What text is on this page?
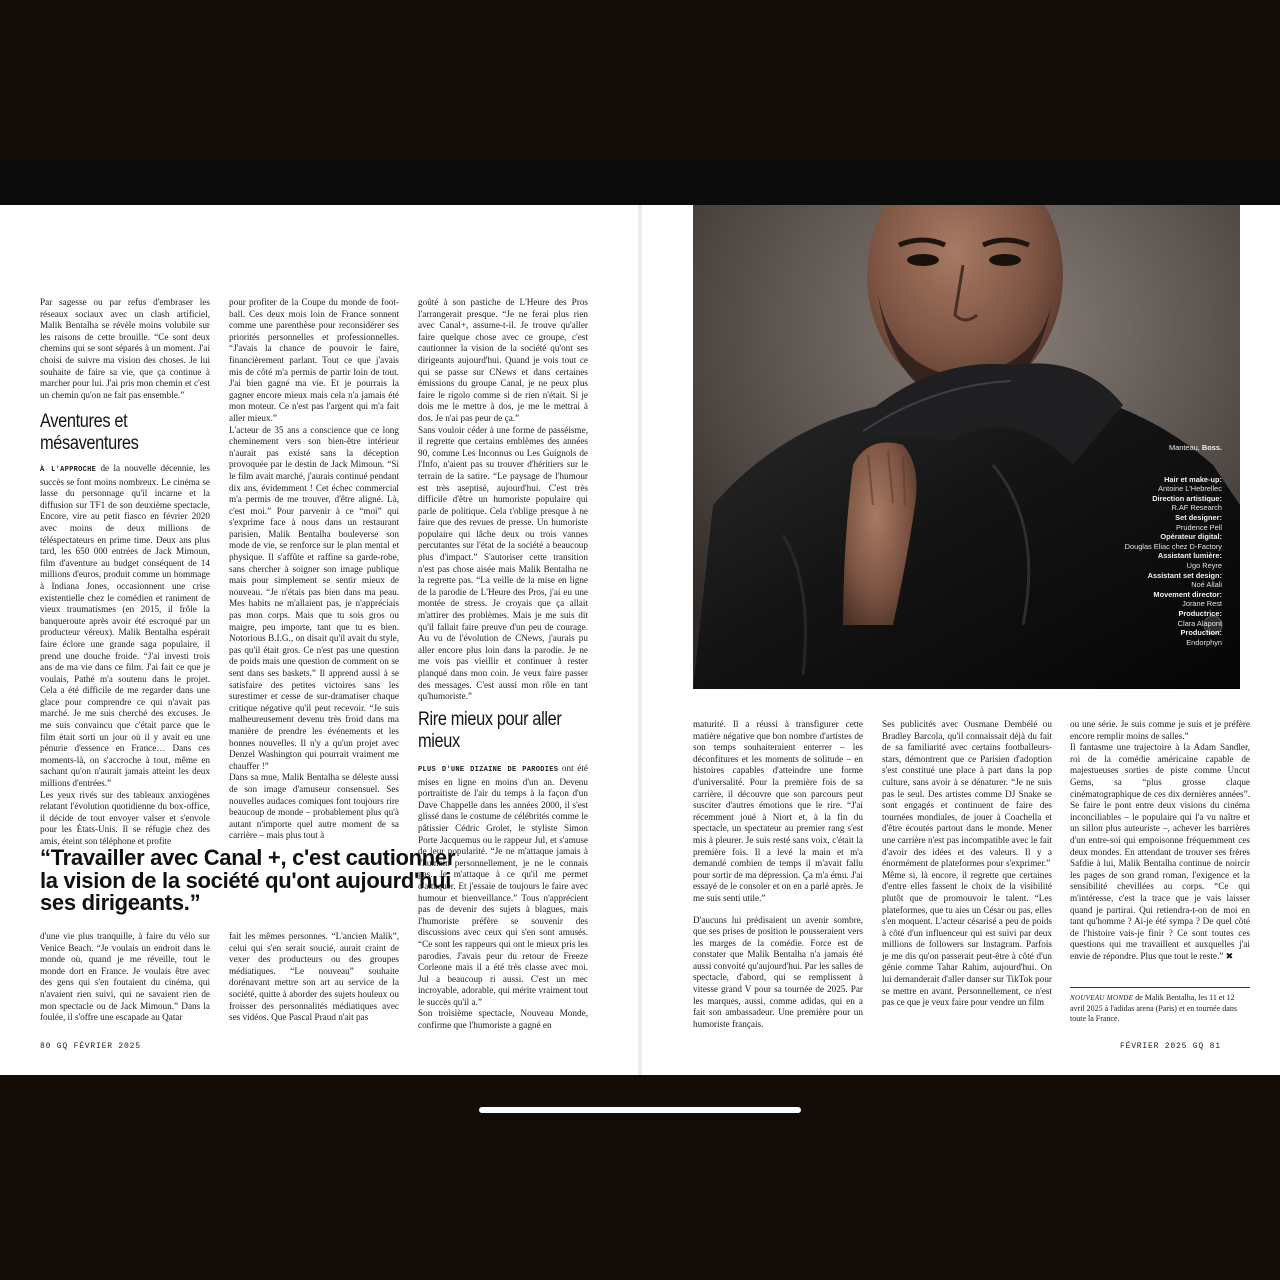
Par sagesse ou par refus d'embraser les réseaux sociaux avec un clash artificiel, Malik Bentalha se révèle moins volubile sur les raisons de cette brouille. “Ce sont deux chemins qui se sont séparés à un moment. J'ai choisi de suivre ma vision des choses. Je lui souhaite de faire sa vie, que ça continue à marcher pour lui. J'ai pris mon chemin et c'est un chemin qu'on ne fait pas ensemble.”

Aventures et mésaventures

À L'APPROCHE de la nouvelle décennie, les succès se font moins nombreux. Le cinéma se lasse du personnage qu'il incarne et la diffusion sur TF1 de son deuxième spectacle, Encore, vire au petit fiasco en février 2020 avec moins de deux millions de téléspectateurs en prime time. Deux ans plus tard, les 650 000 entrées de Jack Mimoun, film d'aventure au budget conséquent de 14 millions d'euros, produit comme un hommage à Indiana Jones, occasionnent une crise existentielle chez le comédien et raniment de vieux traumatismes (en 2015, il frôle la banqueroute après avoir été escroqué par un producteur véreux). Malik Bentalha espérait faire éclore une grande saga populaire, il prend une douche froide. “J'ai investi trois ans de ma vie dans ce film. J'ai fait ce que je voulais, Pathé m'a soutenu dans le projet. Cela a été difficile de me regarder dans une glace pour comprendre ce qui n'avait pas marché. Je me suis cherché des excuses. Je me suis convaincu que c'était parce que le film était sorti un jour où il y avait eu une pénurie d'essence en France… Dans ces moments-là, on s'accroche à tout, même en sachant qu'on n'aurait jamais atteint les deux millions d'entrées.”

Les yeux rivés sur des tableaux anxiogènes relatant l'évolution quotidienne du box-office, il décide de tout envoyer valser et s'envole pour les États-Unis. Il se réfugie chez des amis, éteint son téléphone et profite

pour profiter de la Coupe du monde de foot-ball. Ces deux mois loin de France sonnent comme une parenthèse pour reconsidérer ses priorités personnelles et professionnelles. “J'avais la chance de pouvoir le faire, financièrement parlant. Tout ce que j'avais mis de côté m'a permis de partir loin de tout. J'ai bien gagné ma vie. Et je pourrais la gagner encore mieux mais cela n'a jamais été mon moteur. Ce n'est pas l'argent qui m'a fait aller mieux.”

L'acteur de 35 ans a conscience que ce long cheminement vers son bien-être intérieur n'aurait pas existé sans la déception provoquée par le destin de Jack Mimoun. “Si le film avait marché, j'aurais continué pendant dix ans, évidemment ! Cet échec commercial m'a permis de me trouver, d'être aligné. Là, c'est moi.” Pour parvenir à ce “moi” qui s'exprime face à nous dans un restaurant parisien, Malik Bentalha bouleverse son mode de vie, se renforce sur le plan mental et physique. Il s'affûte et raffine sa garde-robe, sans chercher à soigner son image publique mais pour simplement se sentir mieux de nouveau. “Je n'étais pas bien dans ma peau. Mes habits ne m'allaient pas, je n'appréciais pas mon corps. Mais que tu sois gros ou maigre, peu importe, tant que tu es bien. Notorious B.I.G., on disait qu'il avait du style, pas qu'il était gros. Ce n'est pas une question de poids mais une question de comment on se sent dans ses baskets.” Il apprend aussi à se satisfaire des petites victoires sans les surestimer et cesse de sur-dramatiser chaque critique négative qu'il peut recevoir. “Je suis malheureusement devenu très froid dans ma manière de prendre les événements et les bonnes nouvelles. Il n'y a qu'un projet avec Denzel Washington qui pourrait vraiment me chauffer !”

Dans sa mue, Malik Bentalha se déleste aussi de son image d'amuseur consensuel. Ses nouvelles audaces comiques font toujours rire beaucoup de monde – probablement plus qu'à autant n'importe quel autre moment de sa carrière – mais plus tout à

goûté à son pastiche de L'Heure des Pros l'arrangerait presque. “Je ne ferai plus rien avec Canal+, assume-t-il. Je trouve qu'aller faire quelque chose avec ce groupe, c'est cautionner la vision de la société qu'ont ses dirigeants aujourd'hui. Quand je vois tout ce qui se passe sur CNews et dans certaines émissions du groupe Canal, je ne peux plus faire le rigolo comme si de rien n'était. Si je dois me le mettre à dos, je me le mettrai à dos. Je n'ai pas peur de ça.”

Sans vouloir céder à une forme de passéisme, il regrette que certains emblèmes des années 90, comme Les Inconnus ou Les Guignols de l'Info, n'aient pas su trouver d'héritiers sur le terrain de la satire. “Le paysage de l'humour est très aseptisé, aujourd'hui. C'est très difficile d'être un humoriste populaire qui parle de politique. Cela t'oblige presque à ne faire que des revues de presse. Un humoriste populaire qui lâche deux ou trois vannes percutantes sur l'état de la société a beaucoup plus d'impact.” S'autoriser cette transition n'est pas chose aisée mais Malik Bentalha ne la regrette pas. “La veille de la mise en ligne de la parodie de L'Heure des Pros, j'ai eu une montée de stress. Je croyais que ça allait m'attirer des problèmes. Mais je me suis dit qu'il fallait faire preuve d'un peu de courage. Au vu de l'évolution de CNews, j'aurais pu aller encore plus loin dans la parodie. Je ne me vois pas vieillir et continuer à rester planqué dans mon coin. Je veux faire passer des messages. C'est aussi mon rôle en tant qu'humoriste.”

Rire mieux pour aller mieux

PLUS D'UNE DIZAINE DE PARODIES ont été mises en ligne en moins d'un an. Devenu portraitiste de l'air du temps à la façon d'un Dave Chappelle dans les années 2000, il s'est glissé dans le costume de célébrités comme le pâtissier Cédric Grolet, le styliste Simon Porte Jacquemus ou le rappeur Jul, et s'amuse de leur popularité. “Je ne m'attaque jamais à l'humain personnellement, je ne le connais pas. Je m'attaque à ce qu'il me permet d'attaquer. Et j'essaie de toujours le faire avec humour et bienveillance.” Tous n'apprécient pas de devenir des sujets à blagues, mais l'humoriste préfère se souvenir des discussions avec ceux qui s'en sont amusés. “Ce sont les rappeurs qui ont le mieux pris les parodies. J'avais peur du retour de Freeze Corleone mais il a été très classe avec moi. Jul a beaucoup ri aussi. C'est un mec incroyable, adorable, qui mérite vraiment tout le succès qu'il a.”

Son troisième spectacle, Nouveau Monde, confirme que l'humoriste a gagné en

“Travailler avec Canal +, c'est cautionner la vision de la société qu'ont aujourd'hui ses dirigeants.”

d'une vie plus tranquille, à faire du vélo sur Venice Beach. “Je voulais un endroit dans le monde où, quand je me réveille, tout le monde dort en France. Je voulais être avec des gens qui s'en foutaient du cinéma, qui n'avaient rien suivi, qui ne savaient rien de mon spectacle ou de Jack Mimoun.” Dans la foulée, il s'offre une escapade au Qatar

fait les mêmes personnes. “L'ancien Malik”, celui qui s'en serait soucié, aurait craint de vexer des producteurs ou des groupes médiatiques. “Le nouveau” souhaite dorénavant mettre son art au service de la société, quitte à aborder des sujets houleux ou froisser des personnalités médiatiques avec ses vidéos. Que Pascal Praud n'ait pas

80 GQ FÉVRIER 2025
Manteau, Boss.
Hair et make-up:
Antoine L'Hebrellec
Direction artistique:
R.AF Research
Set designer:
Prudence Pell
Opérateur digital:
Douglas Eliac chez D-Factory
Assistant lumière:
Ugo Reyre
Assistant set design:
Noé Allali
Movement director:
Jorane Rest
Productrice:
Clara Alapont
Production:
Endorphyn

maturité. Il a réussi à transfigurer cette matière négative que bon nombre d'artistes de son temps souhaiteraient enterrer – les déconfitures et les moments de solitude – en histoires capables d'atteindre une forme d'universalité. Pour la première fois de sa carrière, il découvre que son parcours peut susciter d'autres émotions que le rire. “J'ai récemment joué à Niort et, à la fin du spectacle, un spectateur au premier rang s'est mis à pleurer. Je suis resté sans voix, c'était la première fois. Il a levé la main et m'a demandé combien de temps il m'avait fallu pour sortir de ma dépression. Ça m'a ému. J'ai essayé de le consoler et on en a parlé après. Je me suis senti utile.”

D'aucuns lui prédisaient un avenir sombre, que ses prises de position le pousseraient vers les marges de la comédie. Force est de constater que Malik Bentalha n'a jamais été aussi convoité qu'aujourd'hui. Par les salles de spectacle, d'abord, qui se remplissent à vitesse grand V pour sa tournée de 2025. Par les marques, aussi, comme adidas, qui en a fait son ambassadeur. Une première pour un humoriste français.

Ses publicités avec Ousmane Dembélé ou Bradley Barcola, qu'il connaissait déjà du fait de sa familiarité avec certains footballeurs-stars, démontrent que ce Parisien d'adoption s'est constitué une place à part dans la pop culture, sans avoir à se dénaturer. “Je ne suis pas le seul. Des artistes comme DJ Snake se sont engagés et continuent de faire des tournées mondiales, de jouer à Coachella et d'être écoutés partout dans le monde. Mener une carrière n'est pas incompatible avec le fait d'avoir des idées et des valeurs. Il y a énormément de plateformes pour s'exprimer.”

Même si, là encore, il regrette que certaines d'entre elles fassent le choix de la visibilité plutôt que de promouvoir le talent. “Les plateformes, que tu aies un César ou pas, elles s'en moquent. L'acteur césarisé a peu de poids à côté d'un influenceur qui est suivi par deux millions de followers sur Instagram. Parfois je me dis qu'on passerait peut-être à côté d'un génie comme Tahar Rahim, aujourd'hui. On lui demanderait d'aller danser sur TikTok pour se mettre en avant. Personnellement, ce n'est pas ce que je veux faire pour vendre un film

ou une série. Je suis comme je suis et je préfère encore remplir moins de salles.”

Il fantasme une trajectoire à la Adam Sandler, roi de la comédie américaine capable de majestueuses sorties de piste comme Uncut Gems, sa “plus grosse claque cinématographique de ces dix dernières années”. Se faire le pont entre deux visions du cinéma inconciliables – le populaire qui l'a vu naître et un sillon plus auteuriste –, achever les barrières d'un entre-soi qui empoisonne fréquemment ces deux mondes. En attendant de trouver ses frères Safdie à lui, Malik Bentalha continue de noircir les pages de son grand roman, l'exigence et la sensibilité chevillées au corps. “Ce qui m'intéresse, c'est la trace que je vais laisser quand je partirai. Qui retiendra-t-on de moi en tant qu'homme ? Ai-je été sympa ? De quel côté de l'histoire vais-je finir ? Ce sont toutes ces questions qui me travaillent et auxquelles j'ai envie de répondre. Plus que tout le reste.” ✖

NOUVEAU MONDE de Malik Bentalha, les 11 et 12 avril 2025 à l'adidas arena (Paris) et en tournée dans toute la France.
FÉVRIER 2025 GQ 81
